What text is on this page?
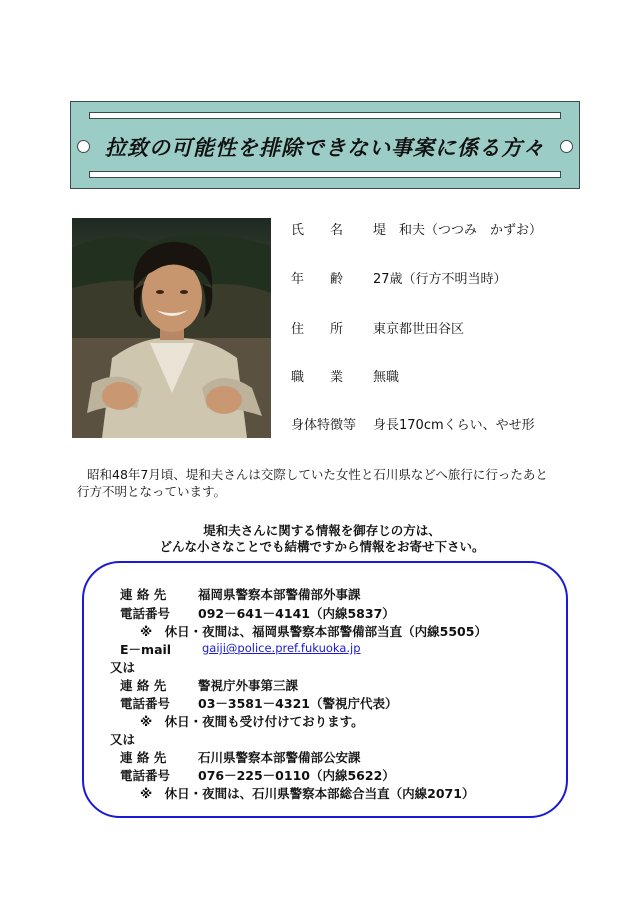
拉致の可能性を排除できない事案に係る方々
氏　　名	堤　和夫（つつみ　かずお）
年　　齢	27歳（行方不明当時）
住　　所	東京都世田谷区
職　　業	無職
身体特徴等	身長170cmくらい、やせ形
昭和48年7月頃、堤和夫さんは交際していた女性と石川県などへ旅行に行ったあと
行方不明となっています。
堤和夫さんに関する情報を御存じの方は、
どんな小さなことでも結構ですから情報をお寄せ下さい。
連 絡 先	福岡県警察本部警備部外事課
電話番号 092－641－4141（内線5837）
※　休日・夜間は、福岡県警察本部警備部当直（内線5505）
E－mail	gaiji@police.pref.fukuoka.jp
又は
連 絡 先	警視庁外事第三課
電話番号 03－3581－4321（警視庁代表）
※　休日・夜間も受け付けております。
又は
連 絡 先	石川県警察本部警備部公安課
電話番号 076－225－0110（内線5622）
※　休日・夜間は、石川県警察本部総合当直（内線2071）
